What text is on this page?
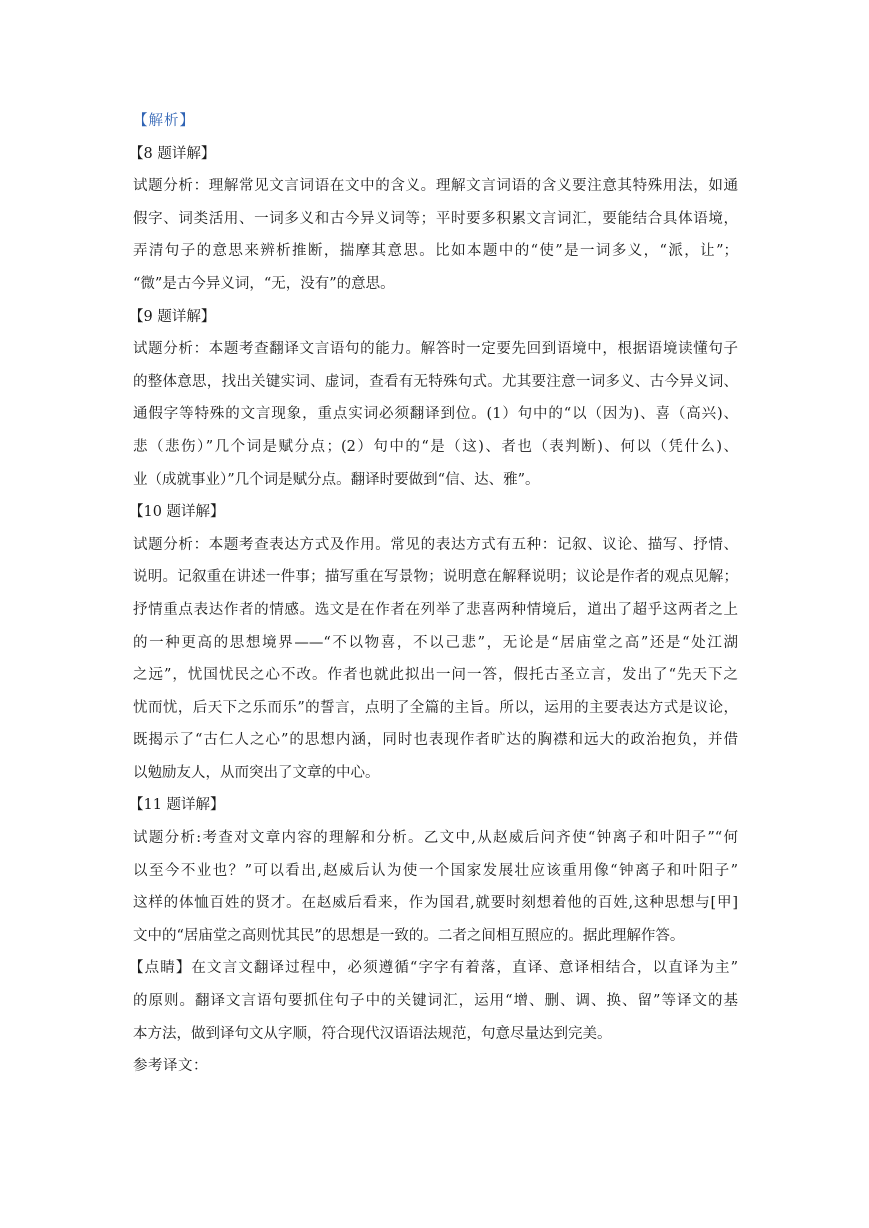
【解析】
【8 题详解】
试题分析：理解常见文言词语在文中的含义。理解文言词语的含义要注意其特殊用法，如通
假字、词类活用、一词多义和古今异义词等；平时要多积累文言词汇，要能结合具体语境，
弄清句子的意思来辨析推断，揣摩其意思。比如本题中的“使”是一词多义，“派，让”；
“微”是古今异义词，“无，没有”的意思。
【9 题详解】
试题分析：本题考查翻译文言语句的能力。解答时一定要先回到语境中，根据语境读懂句子
的整体意思，找出关键实词、虚词，查看有无特殊句式。尤其要注意一词多义、古今异义词、
通假字等特殊的文言现象，重点实词必须翻译到位。(1）句中的“以（因为)、喜（高兴)、
悲（悲伤）”几个词是赋分点；(2）句中的“是（这)、者也（表判断)、何以（凭什么)、
业（成就事业）”几个词是赋分点。翻译时要做到“信、达、雅”。
【10 题详解】
试题分析：本题考查表达方式及作用。常见的表达方式有五种：记叙、议论、描写、抒情、
说明。记叙重在讲述一件事；描写重在写景物；说明意在解释说明；议论是作者的观点见解；
抒情重点表达作者的情感。选文是在作者在列举了悲喜两种情境后，道出了超乎这两者之上
的一种更高的思想境界——“不以物喜，不以己悲”，无论是“居庙堂之高”还是“处江湖
之远”，忧国忧民之心不改。作者也就此拟出一问一答，假托古圣立言，发出了“先天下之
忧而忧，后天下之乐而乐”的誓言，点明了全篇的主旨。所以，运用的主要表达方式是议论，
既揭示了“古仁人之心”的思想内涵，同时也表现作者旷达的胸襟和远大的政治抱负，并借
以勉励友人，从而突出了文章的中心。
【11 题详解】
试题分析:考查对文章内容的理解和分析。乙文中,从赵威后问齐使“钟离子和叶阳子”“何
以至今不业也？”可以看出,赵威后认为使一个国家发展壮应该重用像“钟离子和叶阳子”
这样的体恤百姓的贤才。在赵威后看来，作为国君,就要时刻想着他的百姓,这种思想与[甲]
文中的“居庙堂之高则忧其民”的思想是一致的。二者之间相互照应的。据此理解作答。
【点睛】在文言文翻译过程中，必须遵循“字字有着落，直译、意译相结合，以直译为主”
的原则。翻译文言语句要抓住句子中的关键词汇，运用“增、删、调、换、留”等译文的基
本方法，做到译句文从字顺，符合现代汉语语法规范，句意尽量达到完美。
参考译文：
